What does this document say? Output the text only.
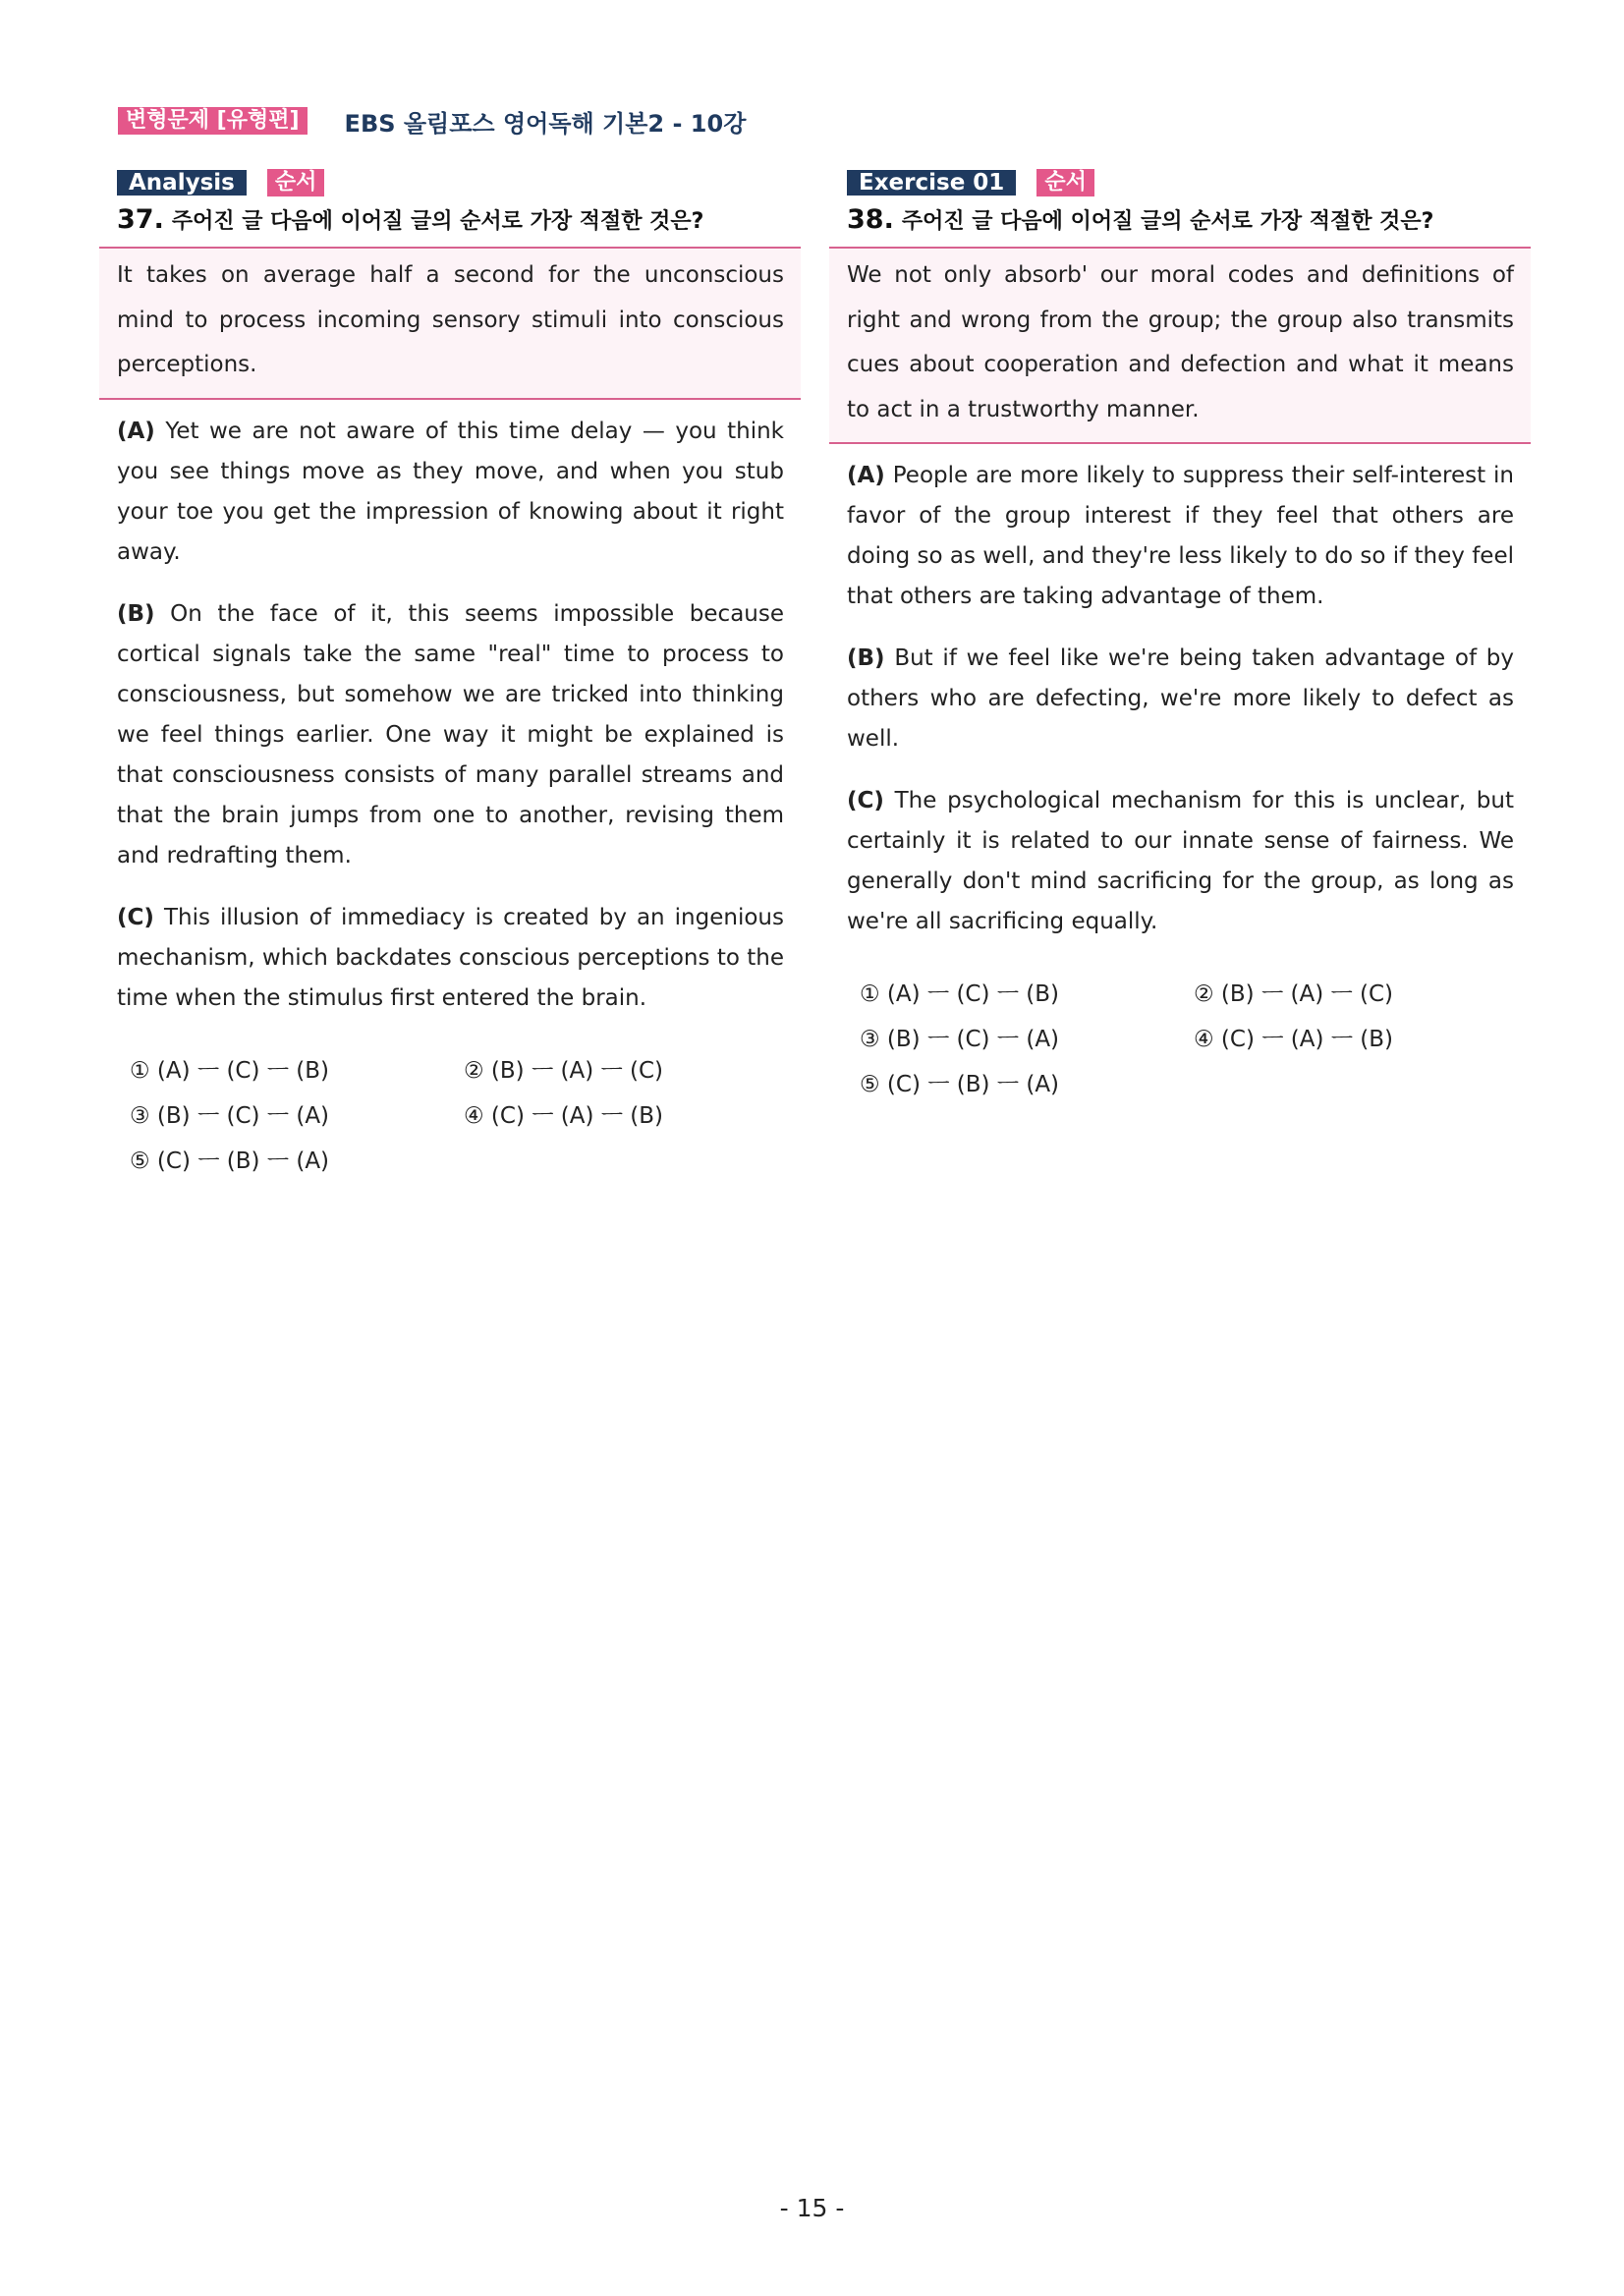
변형문제 [유형편]	EBS 올림포스 영어독해 기본2 - 10강
Analysis	순서
37. 주어진 글 다음에 이어질 글의 순서로 가장 적절한 것은?
It takes on average half a second for the unconscious mind to process incoming sensory stimuli into conscious perceptions.
(A) Yet we are not aware of this time delay — you think you see things move as they move, and when you stub your toe you get the impression of knowing about it right away.
(B) On the face of it, this seems impossible because cortical signals take the same "real" time to process to consciousness, but somehow we are tricked into thinking we feel things earlier. One way it might be explained is that consciousness consists of many parallel streams and that the brain jumps from one to another, revising them and redrafting them.
(C) This illusion of immediacy is created by an ingenious mechanism, which backdates conscious perceptions to the time when the stimulus first entered the brain.
① (A) ㅡ (C) ㅡ (B)	② (B) ㅡ (A) ㅡ (C)
③ (B) ㅡ (C) ㅡ (A)	④ (C) ㅡ (A) ㅡ (B)
⑤ (C) ㅡ (B) ㅡ (A)
Exercise 01	순서
38. 주어진 글 다음에 이어질 글의 순서로 가장 적절한 것은?
We not only absorb' our moral codes and definitions of right and wrong from the group; the group also transmits cues about cooperation and defection and what it means to act in a trustworthy manner.
(A) People are more likely to suppress their self-interest in favor of the group interest if they feel that others are doing so as well, and they're less likely to do so if they feel that others are taking advantage of them.
(B) But if we feel like we're being taken advantage of by others who are defecting, we're more likely to defect as well.
(C) The psychological mechanism for this is unclear, but certainly it is related to our innate sense of fairness. We generally don't mind sacrificing for the group, as long as we're all sacrificing equally.
① (A) ㅡ (C) ㅡ (B)	② (B) ㅡ (A) ㅡ (C)
③ (B) ㅡ (C) ㅡ (A)	④ (C) ㅡ (A) ㅡ (B)
⑤ (C) ㅡ (B) ㅡ (A)
- 15 -
